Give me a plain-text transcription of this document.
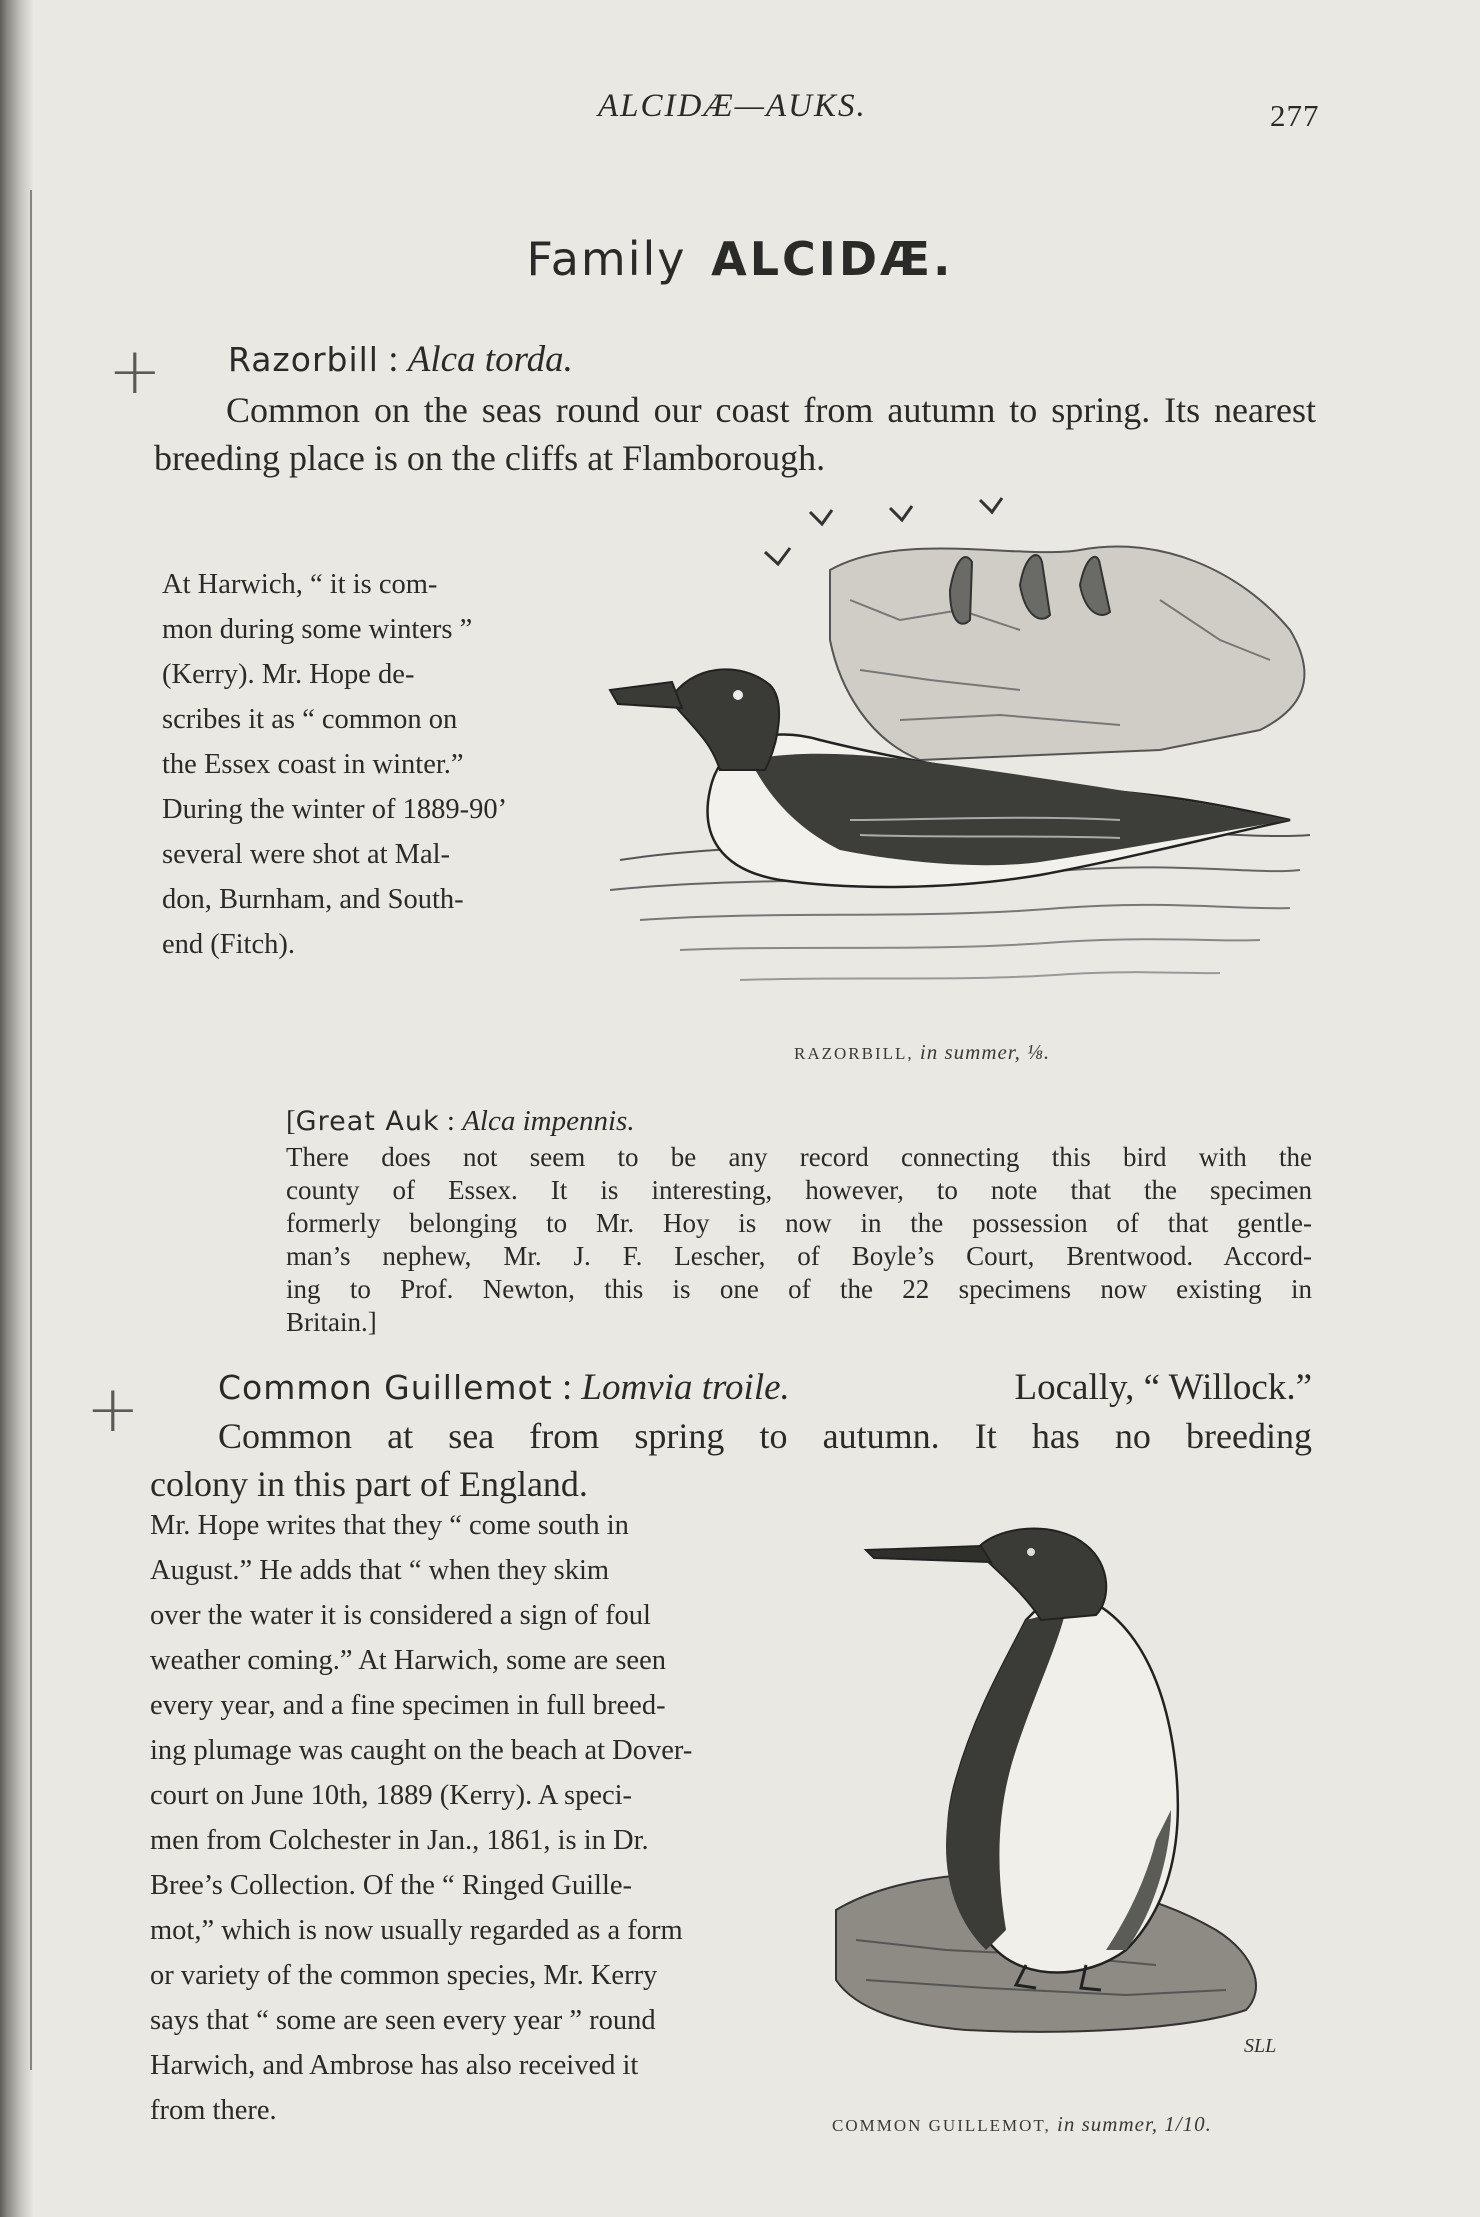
ALCIDÆ—AUKS.	277
Family ALCIDÆ.
+
+
Razorbill : Alca torda.
Common on the seas round our coast from autumn to spring. Its nearest breeding place is on the cliffs at Flamborough.
At Harwich, “ it is com-
mon during some winters ”
(Kerry). Mr. Hope de-
scribes it as “ common on
the Essex coast in winter.”
During the winter of 1889-90’
several were shot at Mal-
don, Burnham, and South-
end (Fitch).
RAZORBILL, in summer, ⅛.
[Great Auk : Alca impennis.
There does not seem to be any record connecting this bird with the
county of Essex. It is interesting, however, to note that the specimen
formerly belonging to Mr. Hoy is now in the possession of that gentle-
man’s nephew, Mr. J. F. Lescher, of Boyle’s Court, Brentwood. Accord-
ing to Prof. Newton, this is one of the 22 specimens now existing in
Britain.]
Common Guillemot : Lomvia troile.	Locally, “ Willock.”
Common at sea from spring to autumn. It has no breeding
colony in this part of England.
Mr. Hope writes that they “ come south in
August.” He adds that “ when they skim
over the water it is considered a sign of foul
weather coming.” At Harwich, some are seen
every year, and a fine specimen in full breed-
ing plumage was caught on the beach at Dover-
court on June 10th, 1889 (Kerry). A speci-
men from Colchester in Jan., 1861, is in Dr.
Bree’s Collection. Of the “ Ringed Guille-
mot,” which is now usually regarded as a form
or variety of the common species, Mr. Kerry
says that “ some are seen every year ” round
Harwich, and Ambrose has also received it
from there.
SLL
COMMON GUILLEMOT, in summer, 1/10.
